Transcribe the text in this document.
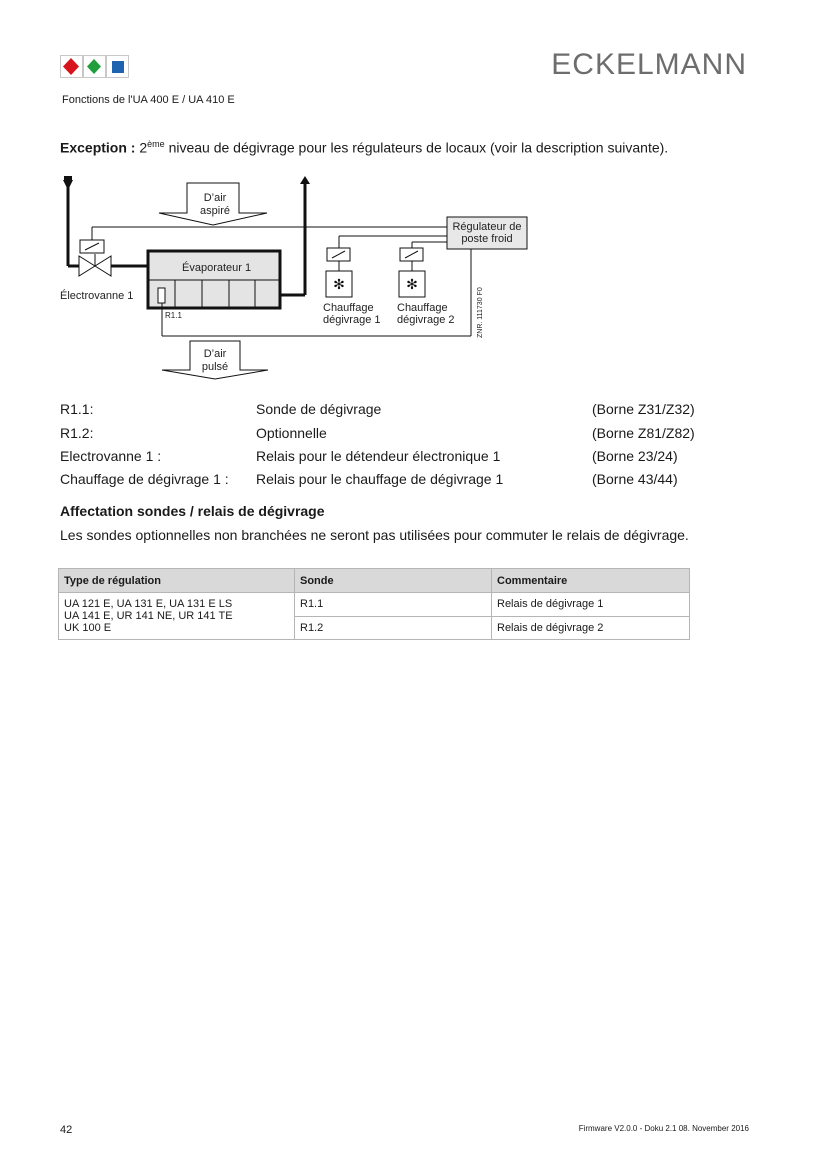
ECKELMANN
Fonctions de l'UA 400 E / UA 410 E
Exception : 2ème niveau de dégivrage pour les régulateurs de locaux (voir la description suivante).
Évaporateur 1
R1.1
D’air
aspiré
Régulateur de
poste froid
✻
Chauffage
dégivrage 1
✻
Chauffage
dégivrage 2	ZNR. 111730 F0
D’air
pulsé
Électrovanne 1
R1.1:	Sonde de dégivrage	(Borne Z31/Z32)
R1.2:	Optionnelle	(Borne Z81/Z82)
Electrovanne 1 :	Relais pour le détendeur électronique 1	(Borne 23/24)
Chauffage de dégivrage 1 : Relais pour le chauffage de dégivrage 1	(Borne 43/44)
Affectation sondes / relais de dégivrage
Les sondes optionnelles non branchées ne seront pas utilisées pour commuter le relais de dégivrage.
Type de régulation	Sonde	Commentaire

UA 121 E, UA 131 E, UA 131 E LS
UA 141 E, UR 141 NE, UR 141 TE
UK 100 E	R1.1	Relais de dégivrage 1
	R1.2	Relais de dégivrage 2
42	Firmware V2.0.0 - Doku 2.1 08. November 2016
